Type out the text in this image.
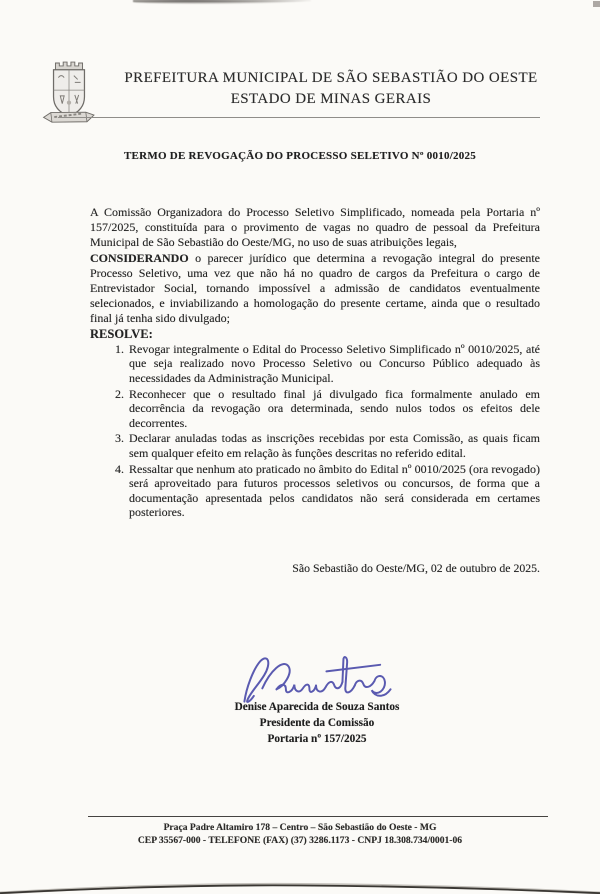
PREFEITURA MUNICIPAL DE SÃO SEBASTIÃO DO OESTE
ESTADO DE MINAS GERAIS
TERMO DE REVOGAÇÃO DO PROCESSO SELETIVO Nº 0010/2025

A Comissão Organizadora do Processo Seletivo Simplificado, nomeada pela Portaria nº 157/2025, constituída para o provimento de vagas no quadro de pessoal da Prefeitura Municipal de São Sebastião do Oeste/MG, no uso de suas atribuições legais,

CONSIDERANDO o parecer jurídico que determina a revogação integral do presente Processo Seletivo, uma vez que não há no quadro de cargos da Prefeitura o cargo de Entrevistador Social, tornando impossível a admissão de candidatos eventualmente selecionados, e inviabilizando a homologação do presente certame, ainda que o resultado final já tenha sido divulgado;

RESOLVE:

1. Revogar integralmente o Edital do Processo Seletivo Simplificado nº 0010/2025, até que seja realizado novo Processo Seletivo ou Concurso Público adequado às necessidades da Administração Municipal.
2. Reconhecer que o resultado final já divulgado fica formalmente anulado em decorrência da revogação ora determinada, sendo nulos todos os efeitos dele decorrentes.
3. Declarar anuladas todas as inscrições recebidas por esta Comissão, as quais ficam sem qualquer efeito em relação às funções descritas no referido edital.
4. Ressaltar que nenhum ato praticado no âmbito do Edital nº 0010/2025 (ora revogado) será aproveitado para futuros processos seletivos ou concursos, de forma que a documentação apresentada pelos candidatos não será considerada em certames posteriores.
São Sebastião do Oeste/MG, 02 de outubro de 2025.
Denise Aparecida de Souza Santos
Presidente da Comissão
Portaria nº 157/2025
Praça Padre Altamiro 178 – Centro – São Sebastião do Oeste - MG
CEP 35567-000 - TELEFONE (FAX) (37) 3286.1173 - CNPJ 18.308.734/0001-06
